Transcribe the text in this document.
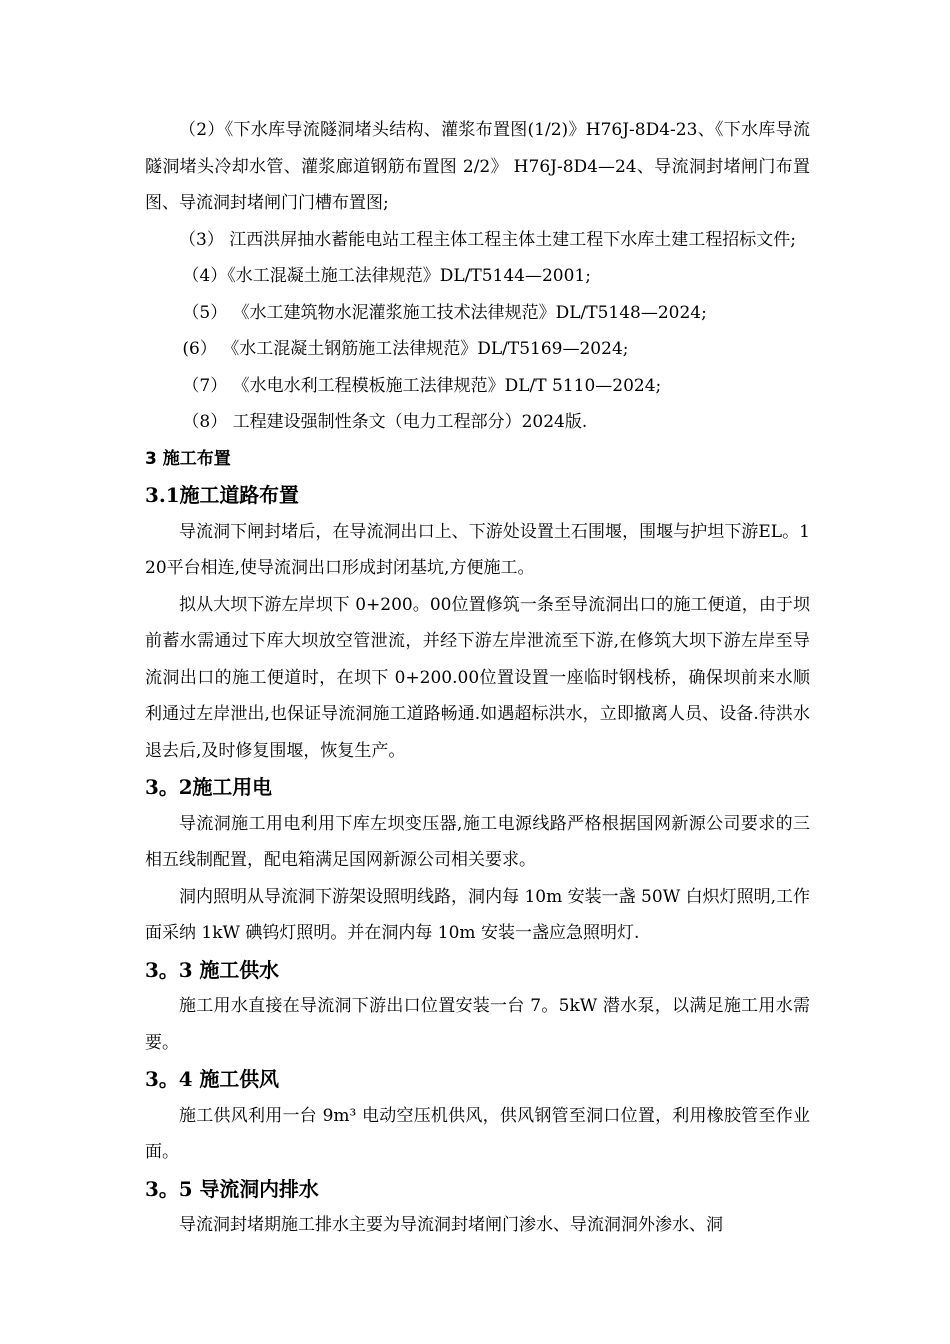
（2）《下水库导流隧洞堵头结构、灌浆布置图(1/2)》H76J-8D4-23、《下水库导流隧洞堵头冷却水管、灌浆廊道钢筋布置图 2/2》 H76J-8D4—24、导流洞封堵闸门布置图、导流洞封堵闸门门槽布置图;

（3） 江西洪屏抽水蓄能电站工程主体工程主体土建工程下水库土建工程招标文件;

（4）《水工混凝土施工法律规范》DL/T5144—2001;

（5） 《水工建筑物水泥灌浆施工技术法律规范》DL/T5148—2024;

(6） 《水工混凝土钢筋施工法律规范》DL/T5169—2024;

（7） 《水电水利工程模板施工法律规范》DL/T 5110—2024;

（8） 工程建设强制性条文（电力工程部分）2024版.

3 施工布置
3.1施工道路布置

导流洞下闸封堵后，在导流洞出口上、下游处设置土石围堰，围堰与护坦下游EL。120平台相连,使导流洞出口形成封闭基坑,方便施工。

拟从大坝下游左岸坝下 0+200。00位置修筑一条至导流洞出口的施工便道，由于坝前蓄水需通过下库大坝放空管泄流，并经下游左岸泄流至下游,在修筑大坝下游左岸至导流洞出口的施工便道时，在坝下 0+200.00位置设置一座临时钢栈桥，确保坝前来水顺利通过左岸泄出,也保证导流洞施工道路畅通.如遇超标洪水，立即撤离人员、设备.待洪水退去后,及时修复围堰，恢复生产。

3。2施工用电

导流洞施工用电利用下库左坝变压器,施工电源线路严格根据国网新源公司要求的三相五线制配置，配电箱满足国网新源公司相关要求。

洞内照明从导流洞下游架设照明线路，洞内每 10m 安装一盏 50W 白炽灯照明,工作面采纳 1kW 碘钨灯照明。并在洞内每 10m 安装一盏应急照明灯.

3。3 施工供水

施工用水直接在导流洞下游出口位置安装一台 7。5kW 潜水泵，以满足施工用水需要。

3。4 施工供风

施工供风利用一台 9m³ 电动空压机供风，供风钢管至洞口位置，利用橡胶管至作业面。

3。5 导流洞内排水

导流洞封堵期施工排水主要为导流洞封堵闸门渗水、导流洞洞外渗水、洞
